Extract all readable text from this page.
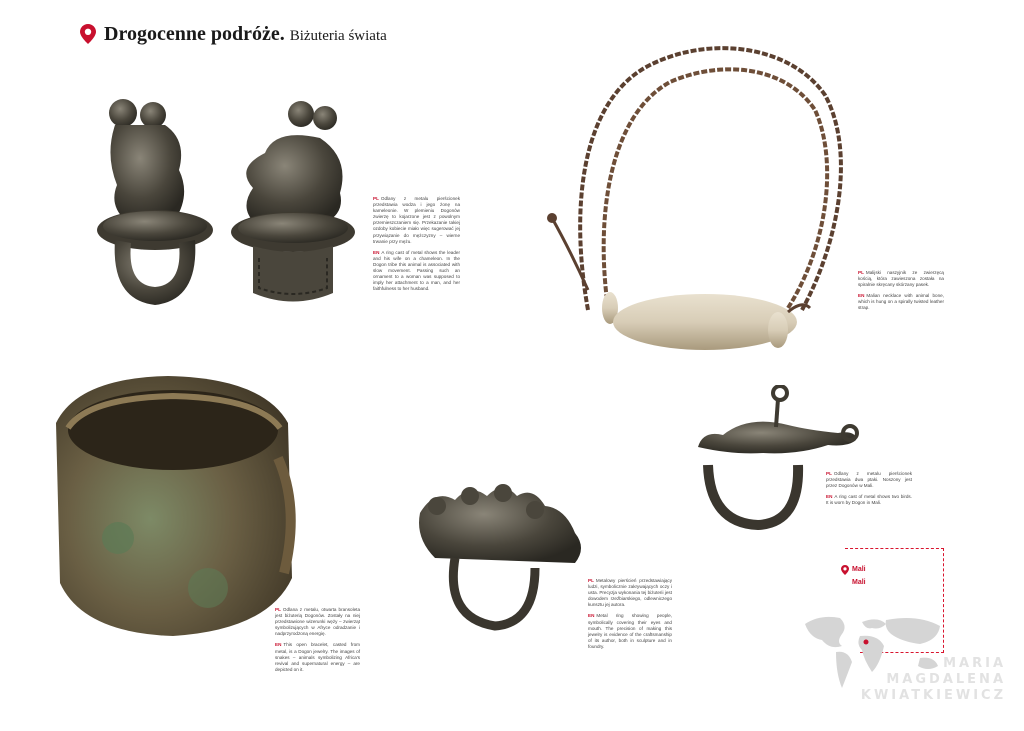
Drogocenne podróże. Biżuteria świata

PL Odlany z metalu pierścionek przedstawia wodza i jego żonę na kameleonie. W plemieniu Dogonów zwierzę to kojarzone jest z powolnym przemieszczaniem się. Przekazanie takiej ozdoby kobiecie miało więc sugerować jej przywiązanie do mężczyzny – wierne trwanie przy mężu.

EN A ring cast of metal shows the leader and his wife on a chameleon. In the Dogon tribe this animal is associated with slow movement. Passing such an ornament to a woman was supposed to imply her attachment to a man, and her faithfulness to her husband.

PL Malijski naszyjnik ze zwierzęcą kością, która zawieszona została na spiralnie skręcany skórzany pasek.

EN Malian necklace with animal bone, which is hung on a spirally twisted leather strap.

PL Odlana z metalu, otwarta bransoleta jest biżuterią Dogonów. Zostały na niej przedstawione wizerunki węży – zwierząt symbolizujących w Afryce odradzanie i nadprzyrodzoną energię.

EN This open bracelet, casted from metal, is a Dogon jewelry. The images of snakes – animals symbolizing Africa's revival and supernatural energy – are depicted on it.

PL Metalowy pierścień przedstawiający ludzi, symbolicznie zakrywających oczy i usta. Precyzja wykonania tej biżuterii jest dowodem rzeźbiarskiego, odlewniczego kunsztu jej autora.

EN Metal ring showing people, symbolically covering their eyes and mouth. The precision of making this jewelry is evidence of the craftsmanship of its author, both in sculpture and in foundry.

PL Odlany z metalu pierścionek przedstawia dwa ptaki. Noszony jest przez Dogonów w Mali.

EN A ring cast of metal shows two birds. It is worn by Dogon in Mali.

Mali
Mali
MARIA
MAGDALENA
KWIATKIEWICZ
